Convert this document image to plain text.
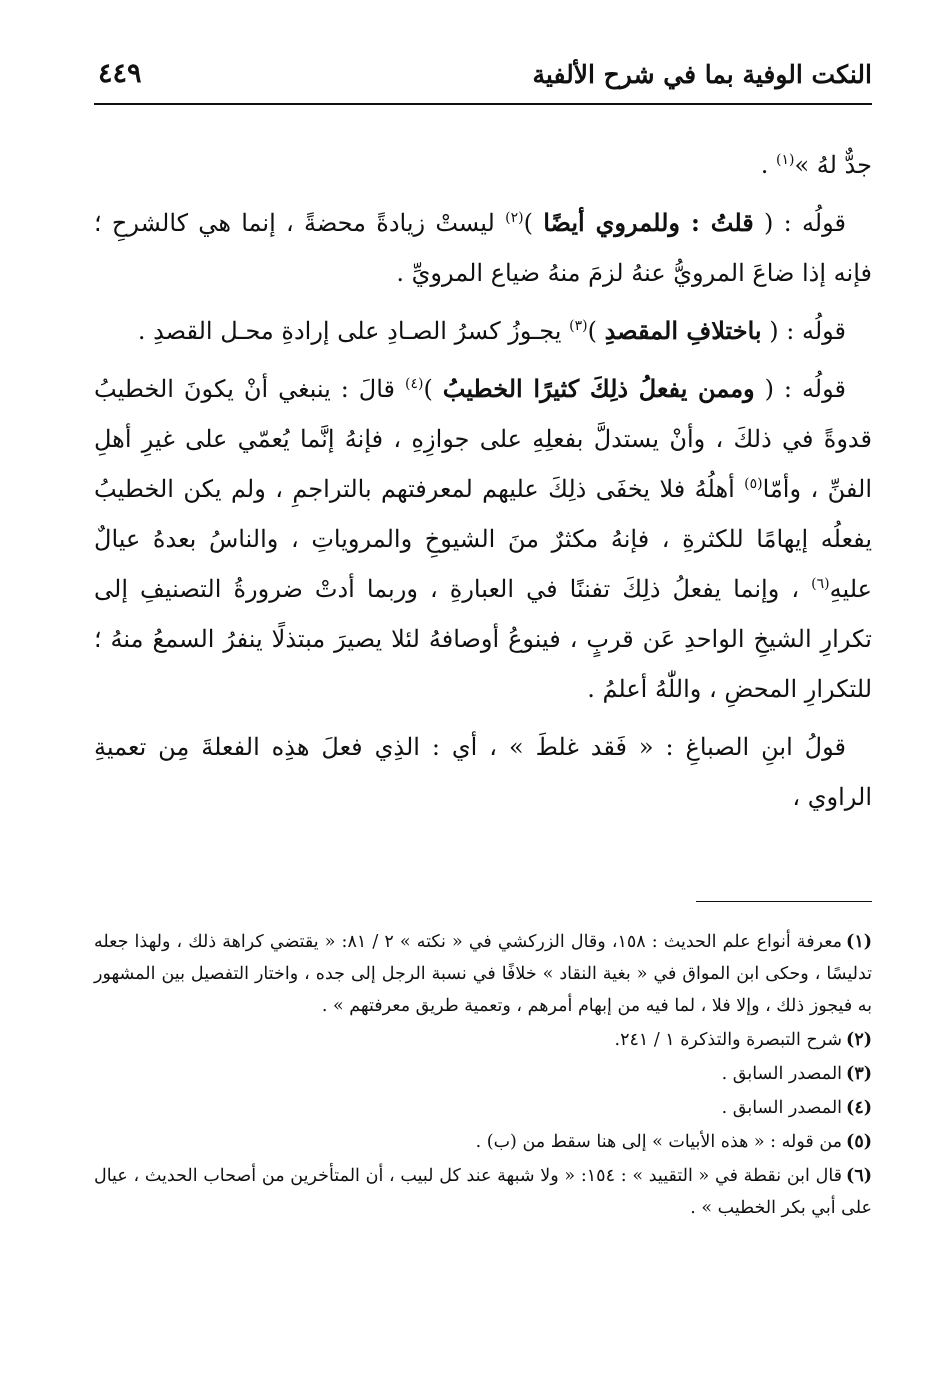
النكت الوفية بما في شرح الألفية
٤٤٩

جدٌّ لهُ »$^{(١)}$ .

قولُه : ( قلتُ : وللمروي أيضًا )$^{(٢)}$ ليستْ زيادةً محضةً ، إنما هي كالشرحِ ؛ فإنه إذا ضاعَ المرويُّ عنهُ لزمَ منهُ ضياع المرويِّ .

قولُه : ( باختلافِ المقصدِ )$^{(٣)}$ يجـوزُ كسرُ الصـادِ على إرادةِ محـل القصدِ .

قولُه : ( وممن يفعلُ ذلِكَ كثيرًا الخطيبُ )$^{(٤)}$ قالَ : ينبغي أنْ يكونَ الخطيبُ قدوةً في ذلكَ ، وأنْ يستدلَّ بفعلِهِ على جوازِهِ ، فإنهُ إنَّما يُعمّي على غيرِ أهلِ الفنِّ ، وأمّا$^{(٥)}$ أهلُهُ فلا يخفَى ذلِكَ عليهم لمعرفتهم بالتراجمِ ، ولم يكن الخطيبُ يفعلُه إيهامًا للكثرةِ ، فإنهُ مكثرٌ منَ الشيوخِ والمروياتِ ، والناسُ بعدهُ عيالٌ عليهِ$^{(٦)}$ ، وإنما يفعلُ ذلِكَ تفننًا في العبارةِ ، وربما أدتْ ضرورةُ التصنيفِ إلى تكرارِ الشيخِ الواحدِ عَن قربٍ ، فينوعُ أوصافهُ لئلا يصيرَ مبتذلًا ينفرُ السمعُ منهُ ؛ للتكرارِ المحضِ ، واللّٰهُ أعلمُ .

قولُ ابنِ الصباغِ : « فَقد غلطَ » ، أي : الذِي فعلَ هذِه الفعلةَ مِن تعميةِ الراوي ،

(١)معرفة أنواع علم الحديث : ١٥٨، وقال الزركشي في « نكته » ٢ / ٨١: « يقتضي كراهة ذلك ، ولهذا جعله تدليسًا ، وحكى ابن المواق في « بغية النقاد » خلافًا في نسبة الرجل إلى جده ، واختار التفصيل بين المشهور به فيجوز ذلك ، وإلا فلا ، لما فيه من إبهام أمرهم ، وتعمية طريق معرفتهم » .
(٢)شرح التبصرة والتذكرة ١ / ٢٤١.
(٣)المصدر السابق .
(٤)المصدر السابق .
(٥)من قوله : « هذه الأبيات » إلى هنا سقط من (ب) .
(٦)قال ابن نقطة في « التقييد » : ١٥٤: « ولا شبهة عند كل لبيب ، أن المتأخرين من أصحاب الحديث ، عيال على أبي بكر الخطيب » .
